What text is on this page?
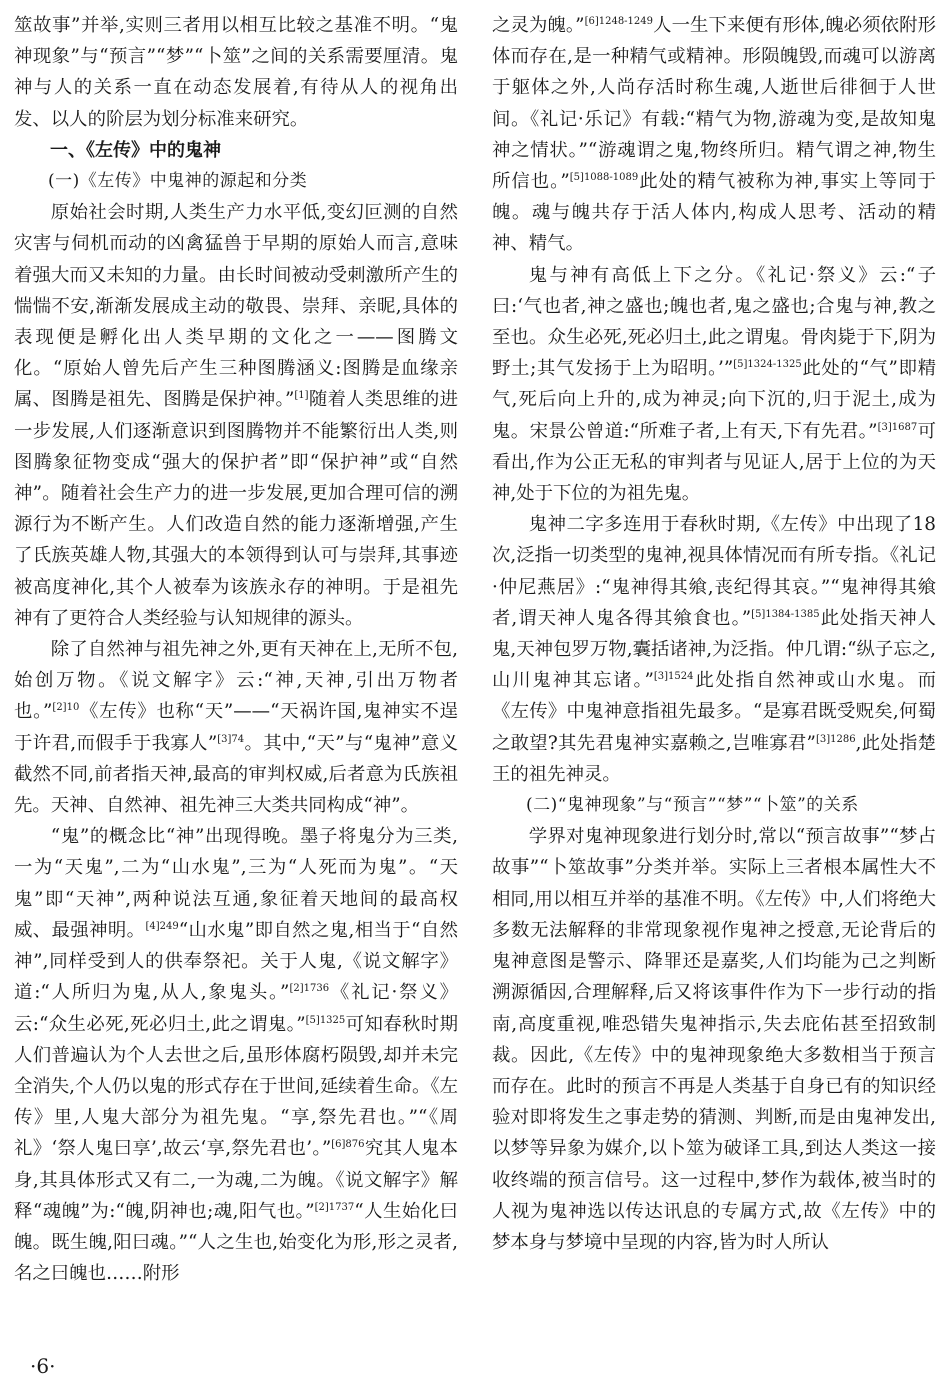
筮故事”并举,实则三者用以相互比较之基准不明。“鬼神现象”与“预言”“梦”“卜筮”之间的关系需要厘清。鬼神与人的关系一直在动态发展着,有待从人的视角出发、以人的阶层为划分标准来研究。

一、《左传》中的鬼神
(一)《左传》中鬼神的源起和分类

原始社会时期,人类生产力水平低,变幻叵测的自然灾害与伺机而动的凶禽猛兽于早期的原始人而言,意味着强大而又未知的力量。由长时间被动受刺激所产生的惴惴不安,渐渐发展成主动的敬畏、崇拜、亲昵,具体的表现便是孵化出人类早期的文化之一——图腾文化。“原始人曾先后产生三种图腾涵义:图腾是血缘亲属、图腾是祖先、图腾是保护神。”[1]随着人类思维的进一步发展,人们逐渐意识到图腾物并不能繁衍出人类,则图腾象征物变成“强大的保护者”即“保护神”或“自然神”。随着社会生产力的进一步发展,更加合理可信的溯源行为不断产生。人们改造自然的能力逐渐增强,产生了氏族英雄人物,其强大的本领得到认可与崇拜,其事迹被高度神化,其个人被奉为该族永存的神明。于是祖先神有了更符合人类经验与认知规律的源头。

除了自然神与祖先神之外,更有天神在上,无所不包,始创万物。《说文解字》云:“神,天神,引出万物者也。”$^{[2]10}$《左传》也称“天”——“天祸许国,鬼神实不逞于许君,而假手于我寡人”$^{[3]74}$。其中,“天”与“鬼神”意义截然不同,前者指天神,最高的审判权威,后者意为氏族祖先。天神、自然神、祖先神三大类共同构成“神”。

“鬼”的概念比“神”出现得晚。墨子将鬼分为三类,一为“天鬼”,二为“山水鬼”,三为“人死而为鬼”。“天鬼”即“天神”,两种说法互通,象征着天地间的最高权威、最强神明。$^{[4]249}$“山水鬼”即自然之鬼,相当于“自然神”,同样受到人的供奉祭祀。关于人鬼,《说文解字》道:“人所归为鬼,从人,象鬼头。”$^{[2]1736}$《礼记·祭义》云:“众生必死,死必归土,此之谓鬼。”$^{[5]1325}$可知春秋时期人们普遍认为个人去世之后,虽形体腐朽陨毁,却并未完全消失,个人仍以鬼的形式存在于世间,延续着生命。《左传》里,人鬼大部分为祖先鬼。“享,祭先君也。”“《周礼》‘祭人鬼曰享’,故云‘享,祭先君也’。”$^{[6]876}$究其人鬼本身,其具体形式又有二,一为魂,二为魄。《说文解字》解释“魂魄”为:“魄,阴神也;魂,阳气也。”$^{[2]1737}$“人生始化曰魄。既生魄,阳曰魂。”“人之生也,始变化为形,形之灵者,名之曰魄也……附形

之灵为魄。”$^{[6]1248-1249}$人一生下来便有形体,魄必须依附形体而存在,是一种精气或精神。形陨魄毁,而魂可以游离于躯体之外,人尚存活时称生魂,人逝世后徘徊于人世间。《礼记·乐记》有载:“精气为物,游魂为变,是故知鬼神之情状。”“游魂谓之鬼,物终所归。精气谓之神,物生所信也。”$^{[5]1088-1089}$此处的精气被称为神,事实上等同于魄。魂与魄共存于活人体内,构成人思考、活动的精神、精气。

鬼与神有高低上下之分。《礼记·祭义》云:“子曰:‘气也者,神之盛也;魄也者,鬼之盛也;合鬼与神,教之至也。众生必死,死必归土,此之谓鬼。骨肉毙于下,阴为野土;其气发扬于上为昭明。’”$^{[5]1324-1325}$此处的“气”即精气,死后向上升的,成为神灵;向下沉的,归于泥土,成为鬼。宋景公曾道:“所难子者,上有天,下有先君。”$^{[3]1687}$可看出,作为公正无私的审判者与见证人,居于上位的为天神,处于下位的为祖先鬼。

鬼神二字多连用于春秋时期,《左传》中出现了18次,泛指一切类型的鬼神,视具体情况而有所专指。《礼记·仲尼燕居》:“鬼神得其飨,丧纪得其哀。”“鬼神得其飨者,谓天神人鬼各得其飨食也。”$^{[5]1384-1385}$此处指天神人鬼,天神包罗万物,囊括诸神,为泛指。仲几谓:“纵子忘之,山川鬼神其忘诸。”$^{[3]1524}$此处指自然神或山水鬼。而《左传》中鬼神意指祖先最多。“是寡君既受贶矣,何蜀之敢望?其先君鬼神实嘉赖之,岂唯寡君”$^{[3]1286}$,此处指楚王的祖先神灵。

(二)“鬼神现象”与“预言”“梦”“卜筮”的关系

学界对鬼神现象进行划分时,常以“预言故事”“梦占故事”“卜筮故事”分类并举。实际上三者根本属性大不相同,用以相互并举的基准不明。《左传》中,人们将绝大多数无法解释的非常现象视作鬼神之授意,无论背后的鬼神意图是警示、降罪还是嘉奖,人们均能为己之判断溯源循因,合理解释,后又将该事件作为下一步行动的指南,高度重视,唯恐错失鬼神指示,失去庇佑甚至招致制裁。因此,《左传》中的鬼神现象绝大多数相当于预言而存在。此时的预言不再是人类基于自身已有的知识经验对即将发生之事走势的猜测、判断,而是由鬼神发出,以梦等异象为媒介,以卜筮为破译工具,到达人类这一接收终端的预言信号。这一过程中,梦作为载体,被当时的人视为鬼神选以传达讯息的专属方式,故《左传》中的梦本身与梦境中呈现的内容,皆为时人所认

·6·
